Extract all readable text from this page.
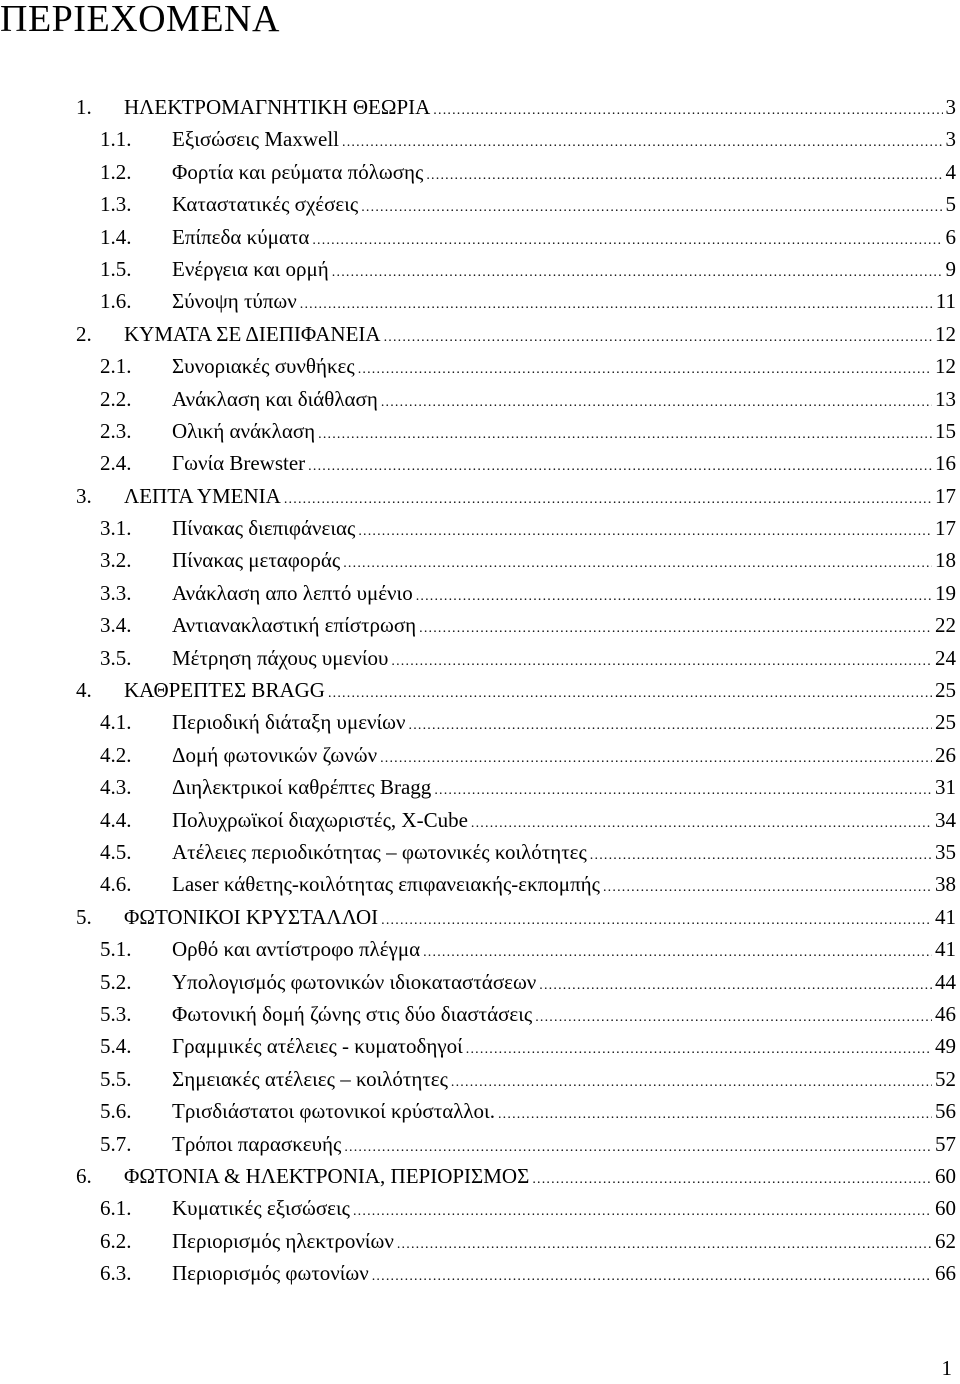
ΠΕΡΙΕΧΟΜΕΝΑ
1.	ΗΛΕΚΤΡΟΜΑΓΝΗΤΙΚΗ ΘΕΩΡΙΑ .....	3
1.1.	Εξισώσεις Maxwell .....	3
1.2.	Φορτία και ρεύματα πόλωσης .....	4
1.3.	Καταστατικές σχέσεις .....	5
1.4.	Επίπεδα κύματα .....	6
1.5.	Ενέργεια και ορμή .....	9
1.6.	Σύνοψη τύπων .....	11
2.	ΚΥΜΑΤΑ ΣΕ ΔΙΕΠΙΦΑΝΕΙΑ .....	12
2.1.	Συνοριακές συνθήκες .....	12
2.2.	Ανάκλαση και διάθλαση .....	13
2.3.	Ολική ανάκλαση .....	15
2.4.	Γωνία Brewster .....	16
3.	ΛΕΠΤΑ ΥΜΕΝΙΑ .....	17
3.1.	Πίνακας διεπιφάνειας .....	17
3.2.	Πίνακας μεταφοράς .....	18
3.3.	Ανάκλαση απο λεπτό υμένιο .....	19
3.4.	Αντιανακλαστική επίστρωση .....	22
3.5.	Μέτρηση πάχους υμενίου .....	24
4.	ΚΑΘΡΕΠΤΕΣ BRAGG .....	25
4.1.	Περιοδική διάταξη υμενίων .....	25
4.2.	Δομή φωτονικών ζωνών .....	26
4.3.	Διηλεκτρικοί καθρέπτες Bragg .....	31
4.4.	Πολυχρωϊκοί διαχωριστές, X-Cube .....	34
4.5.	Ατέλειες περιοδικότητας – φωτονικές κοιλότητες .....	35
4.6.	Laser κάθετης-κοιλότητας επιφανειακής-εκπομπής .....	38
5.	ΦΩΤΟΝΙΚΟΙ ΚΡΥΣΤΑΛΛΟΙ .....	41
5.1.	Ορθό και αντίστροφο πλέγμα .....	41
5.2.	Υπολογισμός φωτονικών ιδιοκαταστάσεων .....	44
5.3.	Φωτονική δομή ζώνης στις δύο διαστάσεις .....	46
5.4.	Γραμμικές ατέλειες - κυματοδηγοί .....	49
5.5.	Σημειακές ατέλειες – κοιλότητες .....	52
5.6.	Τρισδιάστατοι φωτονικοί κρύσταλλοι. .....	56
5.7.	Τρόποι παρασκευής .....	57
6.	ΦΩΤΟΝΙΑ & ΗΛΕΚΤΡΟΝΙΑ, ΠΕΡΙΟΡΙΣΜΟΣ .....	60
6.1.	Κυματικές εξισώσεις .....	60
6.2.	Περιορισμός ηλεκτρονίων .....	62
6.3.	Περιορισμός φωτονίων .....	66
1
